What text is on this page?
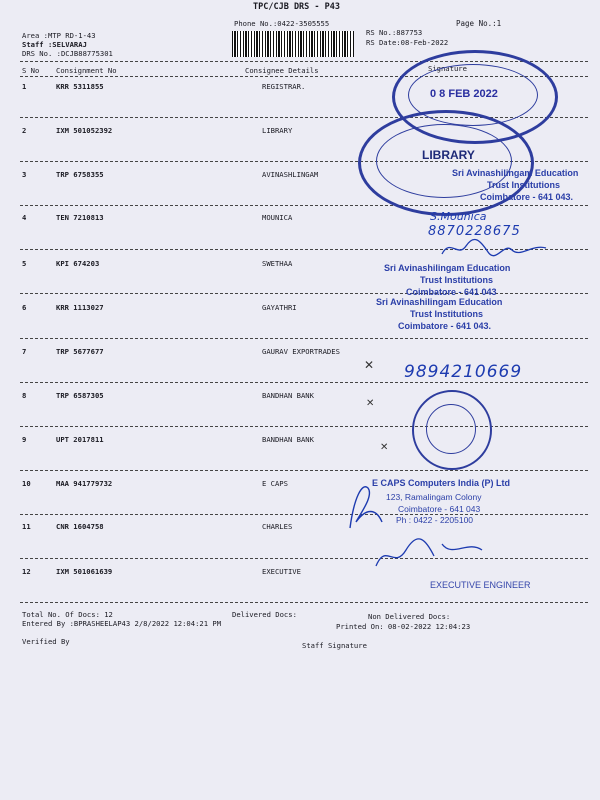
TPC/CJB DRS - P43
Phone No.:0422-3505555	Page No.:1
Area :MTP RD-1-43
Staff :SELVARAJ
DRS No. :DCJB88775301
RS No.:887753
RS Date:08-Feb-2022
S No Consignment No	Consignee Details	Signature
1	KRR 5311855	REGISTRAR.
2	IXM 501052392	LIBRARY
3	TRP 6758355	AVINASHLINGAM
4	TEN 7210813	MOUNICA
5	KPI 674203	SWETHAA
6	KRR 1113027	GAYATHRI
7	TRP 5677677	GAURAV EXPORTRADES
8	TRP 6587305	BANDHAN BANK
9	UPT 2017811	BANDHAN BANK
10	MAA 941779732	E CAPS
11	CNR 1604758	CHARLES
12	IXM 501061639	EXECUTIVE
Total No. Of Docs: 12	Delivered Docs:	Non Delivered Docs:
Entered By :BPRASHEELAP43 2/8/2022 12:04:21 PM	Printed On: 08-02-2022 12:04:23
Verified By	Staff Signature
0 8 FEB 2022
LIBRARY
Sri Avinashilingam Education
Trust Institutions
Coimbatore - 641 043.
S.Mounica
8870228675
Sri Avinashilingam Education
Trust Institutions
Coimbatore - 641 043
Sri Avinashilingam Education
Trust Institutions
Coimbatore - 641 043.
✕ 9894210669
✕
✕
E CAPS Computers India (P) Ltd
123, Ramalingam Colony
Coimbatore - 641 043
Ph : 0422 - 2205100
EXECUTIVE ENGINEER
